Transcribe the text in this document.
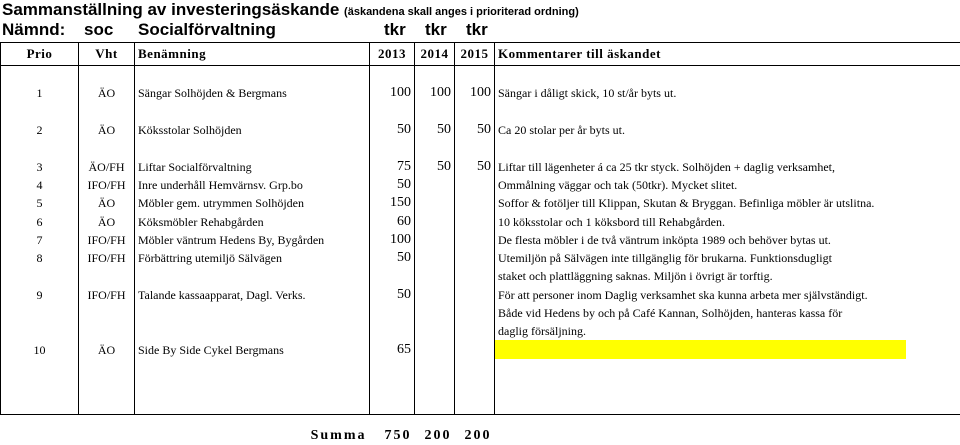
Sammanställning av investeringsäskande (äskandena skall anges i prioriterad ordning)
Nämnd: soc Socialförvaltning	tkr tkr tkr
Prio	Vht	Benämning	2013	2014	2015	Kommentarer till äskandet	

1	ÄO	Sängar Solhöjden & Bergmans	100	100	100	Sängar i dåligt skick, 10 st/år byts ut.	

2	ÄO	Köksstolar Solhöjden	50	50	50	Ca 20 stolar per år byts ut.	

3	ÄO/FH	Liftar Socialförvaltning	75	50	50	Liftar till lägenheter á ca 25 tkr styck. Solhöjden + daglig verksamhet,	
4	IFO/FH	Inre underhåll Hemvärnsv. Grp.bo	50			Ommålning väggar och tak (50tkr). Mycket slitet.	
5	ÄO	Möbler gem. utrymmen Solhöjden	150			Soffor & fotöljer till Klippan, Skutan & Bryggan. Befinliga möbler är utslitna.	
6	ÄO	Köksmöbler Rehabgården	60			10 köksstolar och 1 köksbord till Rehabgården.	
7	IFO/FH	Möbler väntrum Hedens By, Bygården	100			De flesta möbler i de två väntrum inköpta 1989 och behöver bytas ut.	
8	IFO/FH	Förbättring utemiljö Sälvägen	50			Utemiljön på Sälvägen inte tillgänglig för brukarna. Funktionsdugligt	
						staket och plattläggning saknas. Miljön i övrigt är torftig.	
9	IFO/FH	Talande kassaapparat, Dagl. Verks.	50			För att personer inom Daglig verksamhet ska kunna arbeta mer självständigt.	
						Både vid Hedens by och på Café Kannan, Solhöjden, hanteras kassa för	
						daglig försäljning.	
10	ÄO	Side By Side Cykel Bergmans	65				

		Summa	750	200	200		
